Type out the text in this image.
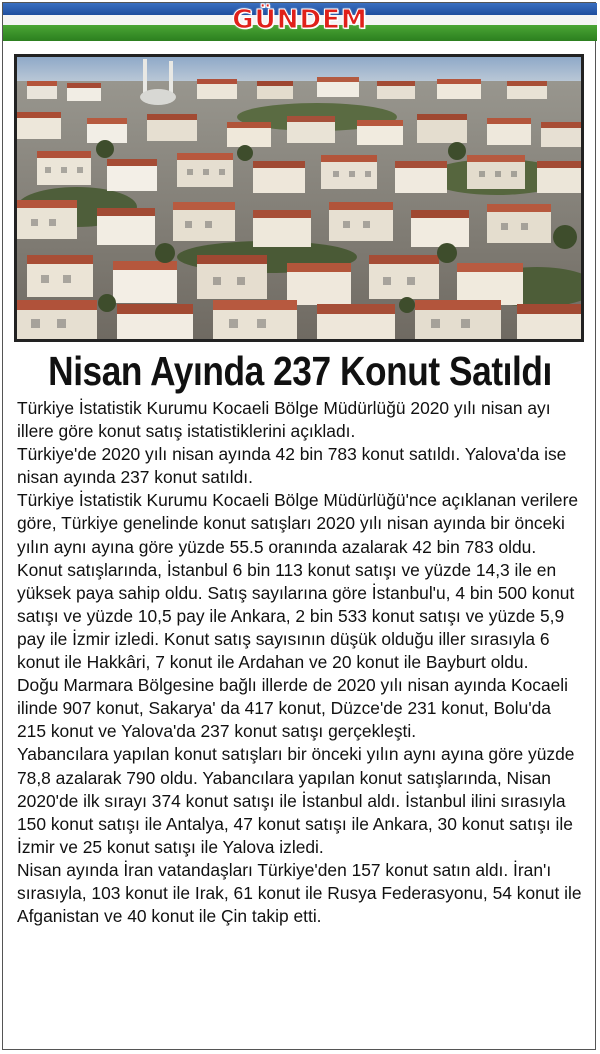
GÜNDEM
Nisan Ayında 237 Konut Satıldı

Türkiye İstatistik Kurumu Kocaeli Bölge Müdürlüğü 2020 yılı nisan ayı illere göre konut satış istatistiklerini açıkladı.

Türkiye'de 2020 yılı nisan ayında 42 bin 783 konut satıldı. Yalova'da ise nisan ayında 237 konut satıldı.

Türkiye İstatistik Kurumu Kocaeli Bölge Müdürlüğü'nce açıklanan verilere göre, Türkiye genelinde konut satışları 2020 yılı nisan ayında bir önceki yılın aynı ayına göre yüzde 55.5 oranında azalarak 42 bin 783 oldu. Konut satışlarında, İstanbul 6 bin 113 konut satışı ve yüzde 14,3 ile en yüksek paya sahip oldu. Satış sayılarına göre İstanbul'u, 4 bin 500 konut satışı ve yüzde 10,5 pay ile Ankara, 2 bin 533 konut satışı ve yüzde 5,9 pay ile İzmir izledi. Konut satış sayısının düşük olduğu iller sırasıyla 6 konut ile Hakkâri, 7 konut ile Ardahan ve 20 konut ile Bayburt oldu.

Doğu Marmara Bölgesine bağlı illerde de 2020 yılı nisan ayında Kocaeli ilinde 907 konut, Sakarya' da 417 konut, Düzce'de 231 konut, Bolu'da 215 konut ve Yalova'da 237 konut satışı gerçekleşti.

Yabancılara yapılan konut satışları bir önceki yılın aynı ayına göre yüzde 78,8 azalarak 790 oldu. Yabancılara yapılan konut satışlarında, Nisan 2020'de ilk sırayı 374 konut satışı ile İstanbul aldı. İstanbul ilini sırasıyla 150 konut satışı ile Antalya, 47 konut satışı ile Ankara, 30 konut satışı ile İzmir ve 25 konut satışı ile Yalova izledi.

Nisan ayında İran vatandaşları Türkiye'den 157 konut satın aldı. İran'ı sırasıyla, 103 konut ile Irak, 61 konut ile Rusya Federasyonu, 54 konut ile Afganistan ve 40 konut ile Çin takip etti.
